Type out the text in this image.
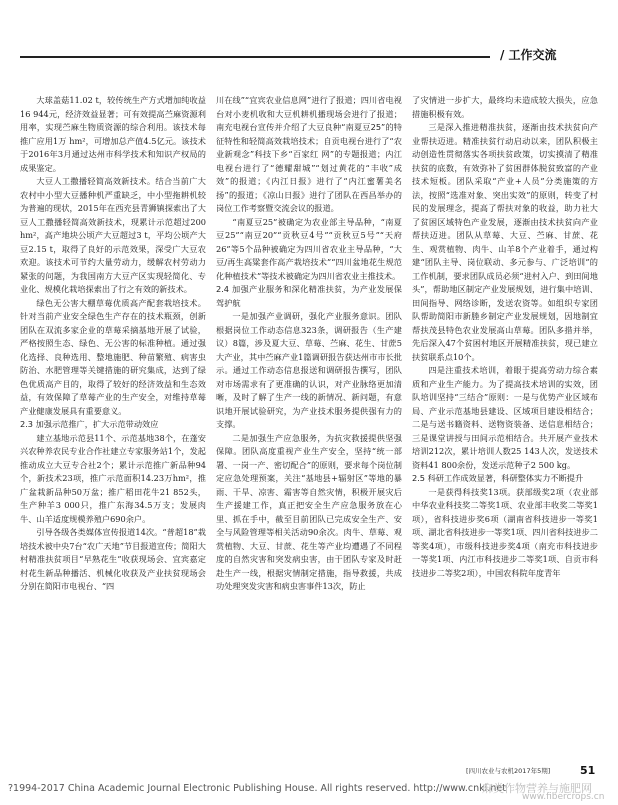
/ 工作交流

大球盖菇11.02 t，较传统生产方式增加纯收益16 944元，经济效益显著；可有效提高苎麻资源利用率，实现苎麻生物质资源的综合利用。该技术每推广应用1万 hm²，可增加总产值4.5亿元。该技术于2016年3月通过达州市科学技术和知识产权局的成果鉴定。

大豆人工撒播轻简高效新技术。结合当前广大农村中小型大豆播种机严重缺乏，中小型拖耕机较为普遍的现状，2015年在西充县青狮镇探索出了大豆人工撒播轻简高效新技术，现累计示范超过200 hm²，高产地块公顷产大豆超过3 t，平均公顷产大豆2.15 t，取得了良好的示范效果，深受广大豆农欢迎。该技术可节约大量劳动力，缓解农村劳动力紧张的问题，为我国南方大豆产区实现轻简化、专业化、规模化栽培探索出了行之有效的新技术。

绿色无公害大棚草莓优质高产配套栽培技术。针对当前产业安全绿色生产存在的技术瓶颈，创新团队在双流多家企业的草莓采摘基地开展了试验，严格按照生态、绿色、无公害的标准种植。通过强化选择、良种选用、整地施肥、种苗繁殖、病害虫防治、水肥管理等关键措施的研究集成，达到了绿色优质高产目的，取得了较好的经济效益和生态效益，有效保障了草莓产业的生产安全，对维持草莓产业健康发展具有重要意义。

2.3 加强示范推广，扩大示范带动效应

建立基地示范县11个、示范基地38个，在蓬安兴农种养农民专业合作社建立专家服务站1个，发起推动成立大豆专合社2个；累计示范推广新品种94个，新技术23项，推广示范面积14.23万hm²，推广盆栽新品种50万盆；推广稻田花牛21 852头，生产种羊3 000只，推广东海34.5万支；发展肉牛、山羊适度规模养殖户690余户。

引导各级各类媒体宣传报道14次。“普超18”栽培技术被中央7台“农广天地”节目报道宣传；简阳大村精准扶贫项目“早熟花生”收获现场会、宜宾嘉定村花生新品种播活、机械化收获及产业扶贫现场会分别在简阳市电视台、“四

川在线”“宜宾农业信息网”进行了报道；四川省电视台对小麦机收和大豆机耕机播现场会进行了报道；南充电视台宣传并介绍了大豆良种“南夏豆25”的特征特性和轻简高效栽培技术；自贡电视台进行了“农业新观念”科技下乡“百家红 网”的专题报道；内江电视台进行了“德耀甜城”“划过黄花的“丰收”成效”的报道；《内江日报》进行了“内江蜜薯美名扬”的报道；《凉山日报》进行了团队在西昌举办的岗位工作考察暨交流会议的报道。

“南夏豆25”被确定为农业部主导品种，“南夏豆25”“南豆20”“贡秋豆4号”“贡秋豆5号”“天府26”等5个品种被确定为四川省农业主导品种，“大豆/再生高粱套作高产栽培技术”“四川盆地花生规范化种植技术”等技术被确定为四川省农业主推技术。

2.4 加强产业服务和深化精准扶贫，为产业发展保驾护航

一是加强产业调研，强化产业服务意识。团队根据岗位工作动态信息323条，调研报告（生产建议）8篇，涉及夏大豆、草莓、苎麻、花生、甘蔗5大产业，其中苎麻产业1篇调研报告获达州市市长批示。通过工作动态信息报送和调研报告撰写，团队对市场需求有了更准确的认识，对产业脉络更加清晰，及时了解了生产一线的新情况、新问题，有意识地开展试验研究，为产业技术服务提供强有力的支撑。

二是加强生产应急服务，为抗灾救援提供坚强保障。团队高度重视产业生产安全，坚持“统一部署、一岗一产、密切配合”的原则，要求每个岗位制定应急处理预案，关注“基地县+辐射区”等地的暴雨、干旱、凉害、霜害等自然灾情，积极开展灾后生产援建工作，真正把安全生产应急服务放在心里、抓在手中，截至目前团队已完成安全生产、安全与风险管理等相关活动90余次。肉牛、草莓、观赏植物、大豆、甘蔗、花生等产业均遭遇了不同程度的自然灾害和突发病虫害，由于团队专家及时赶赴生产一线，根据灾情制定措施，指导救援，共成功处理突发灾害和病虫害事件13次，防止

了灾情进一步扩大，最终均未造成较大损失，应急措施积极有效。

三是深入推进精准扶贫，逐渐由技术扶贫向产业帮扶迈进。精准扶贫行动启动以来，团队积极主动创造性贯彻落实各项扶贫政策，切实摸清了精准扶贫的底数，有效弥补了贫困群体脱贫致富的产业技术短板。团队采取“产业+人员”分类施策的方法，按照“选准对象、突出实效”的原则，转变了村民的发展理念，提高了帮扶对象的收益，助力社大了贫困区域特色产业发展，逐渐由技术扶贫向产业帮扶迈进。团队从草莓、大豆、苎麻、甘蔗、花生、观赏植物、肉牛、山羊8个产业着手，通过构建“团队主导、岗位联动、多元参与、广泛培训”的工作机制，要求团队成员必须“进村入户、到田间地头”，帮助地区制定产业发展规划，进行集中培训、田间指导、网络诊断，发送农资等。如组织专家团队帮助简阳市新塍乡制定产业发展规划，因地制宜帮扶茂县特色农业发展高山草莓。团队多措并举，先后深入47个贫困村地区开展精准扶贫，现已建立扶贫联系点10个。

四是注重技术培训，着眼于提高劳动力综合素质和产业生产能力。为了提高技术培训的实效，团队培训坚持“三结合”原则：一是与优势产业区域布局、产业示范基地县建设、区域项目建设相结合；二是与送书籍资料、送物资装备、送信息相结合；三是课堂讲授与田间示范相结合。共开展产业技术培训212次，累计培训人数25 143人次，发送技术资料41 800余份，发送示范种子2 500 kg。

2.5 科研工作成效显著，科研整体实力不断提升

一是获得科技奖13项。获部级奖2项（农业部中华农业科技奖二等奖1项、农业部丰收奖二等奖1项），省科技进步奖6项（湖南省科技进步一等奖1项、湖北省科技进步一等奖1项、四川省科技进步二等奖4项），市级科技进步奖4项（南充市科技进步一等奖1项、内江市科技进步二等奖1项、自贡市科技进步二等奖2项），中国农科院年度青年

[四川农业与农机2017年5期]	51
?1994-2017 China Academic Journal Electronic Publishing House. All rights reserved. http://www.cnki.net
麻类作物营养与施肥网
www.fibercrops.cn
